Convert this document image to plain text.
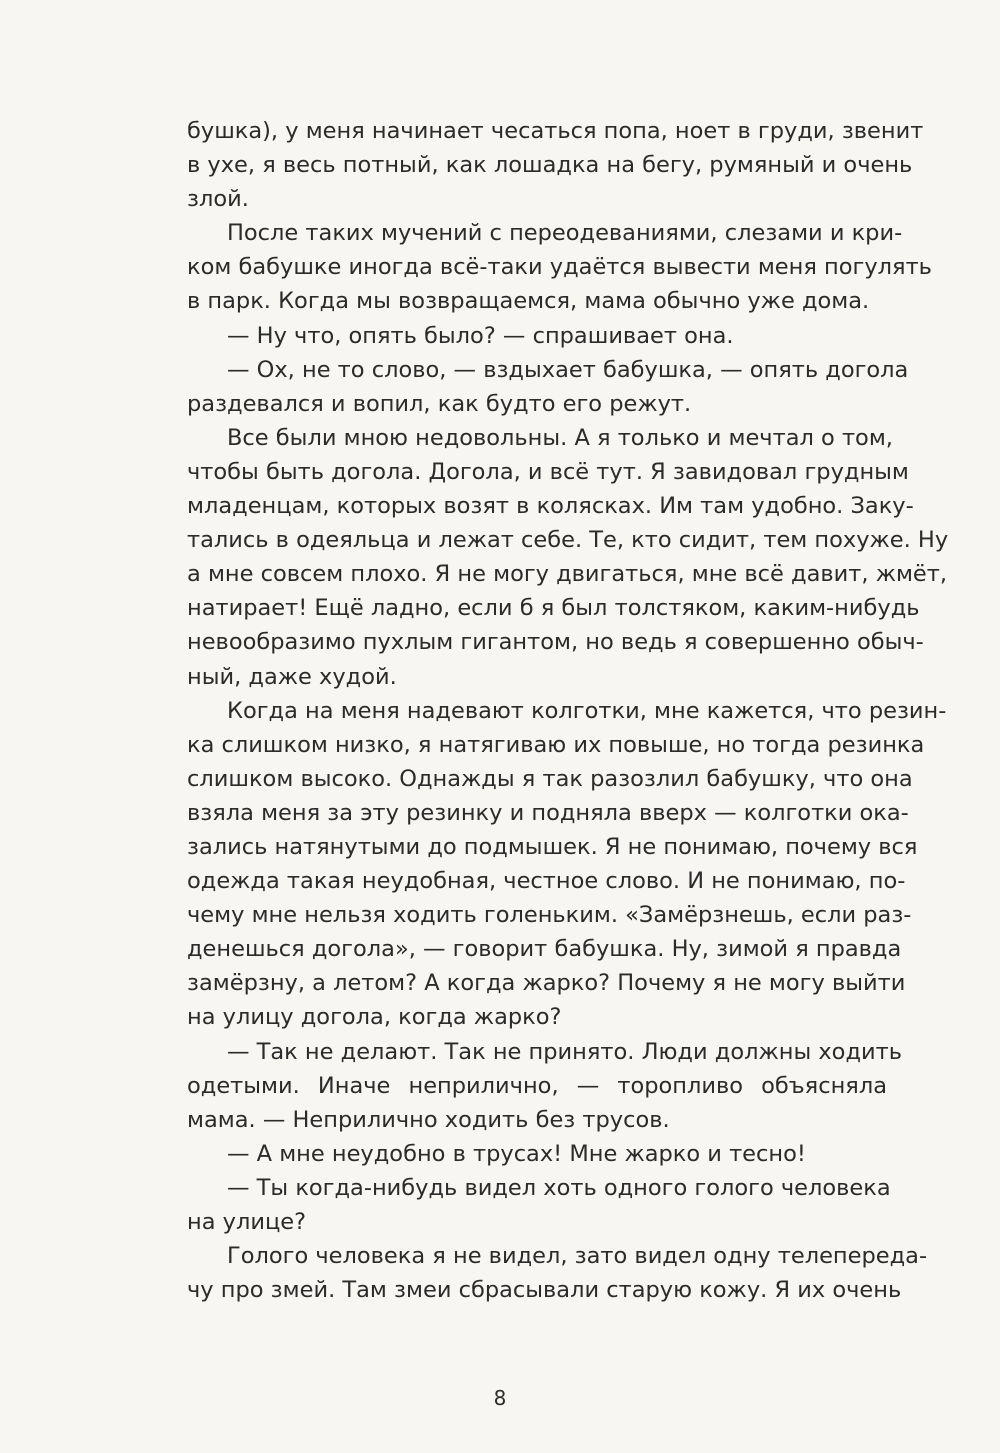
бушка), у меня начинает чесаться попа, ноет в груди, звенит
в ухе, я весь потный, как лошадка на бегу, румяный и очень
злой.
После таких мучений с переодеваниями, слезами и кри-
ком бабушке иногда всё-таки удаётся вывести меня погулять
в парк. Когда мы возвращаемся, мама обычно уже дома.
— Ну что, опять было? — спрашивает она.
— Ох, не то слово, — вздыхает бабушка, — опять догола
раздевался и вопил, как будто его режут.
Все были мною недовольны. А я только и мечтал о том,
чтобы быть догола. Догола, и всё тут. Я завидовал грудным
младенцам, которых возят в колясках. Им там удобно. Заку-
тались в одеяльца и лежат себе. Те, кто сидит, тем похуже. Ну
а мне совсем плохо. Я не могу двигаться, мне всё давит, жмёт,
натирает! Ещё ладно, если б я был толстяком, каким-нибудь
невообразимо пухлым гигантом, но ведь я совершенно обыч-
ный, даже худой.
Когда на меня надевают колготки, мне кажется, что резин-
ка слишком низко, я натягиваю их повыше, но тогда резинка
слишком высоко. Однажды я так разозлил бабушку, что она
взяла меня за эту резинку и подняла вверх — колготки ока-
зались натянутыми до подмышек. Я не понимаю, почему вся
одежда такая неудобная, честное слово. И не понимаю, по-
чему мне нельзя ходить голеньким. «Замёрзнешь, если раз-
денешься догола», — говорит бабушка. Ну, зимой я правда
замёрзну, а летом? А когда жарко? Почему я не могу выйти
на улицу догола, когда жарко?
— Так не делают. Так не принято. Люди должны ходить
одетыми. Иначе неприлично, — торопливо объясняла
мама. — Неприлично ходить без трусов.
— А мне неудобно в трусах! Мне жарко и тесно!
— Ты когда-нибудь видел хоть одного голого человека
на улице?
Голого человека я не видел, зато видел одну телепереда-
чу про змей. Там змеи сбрасывали старую кожу. Я их очень
8
